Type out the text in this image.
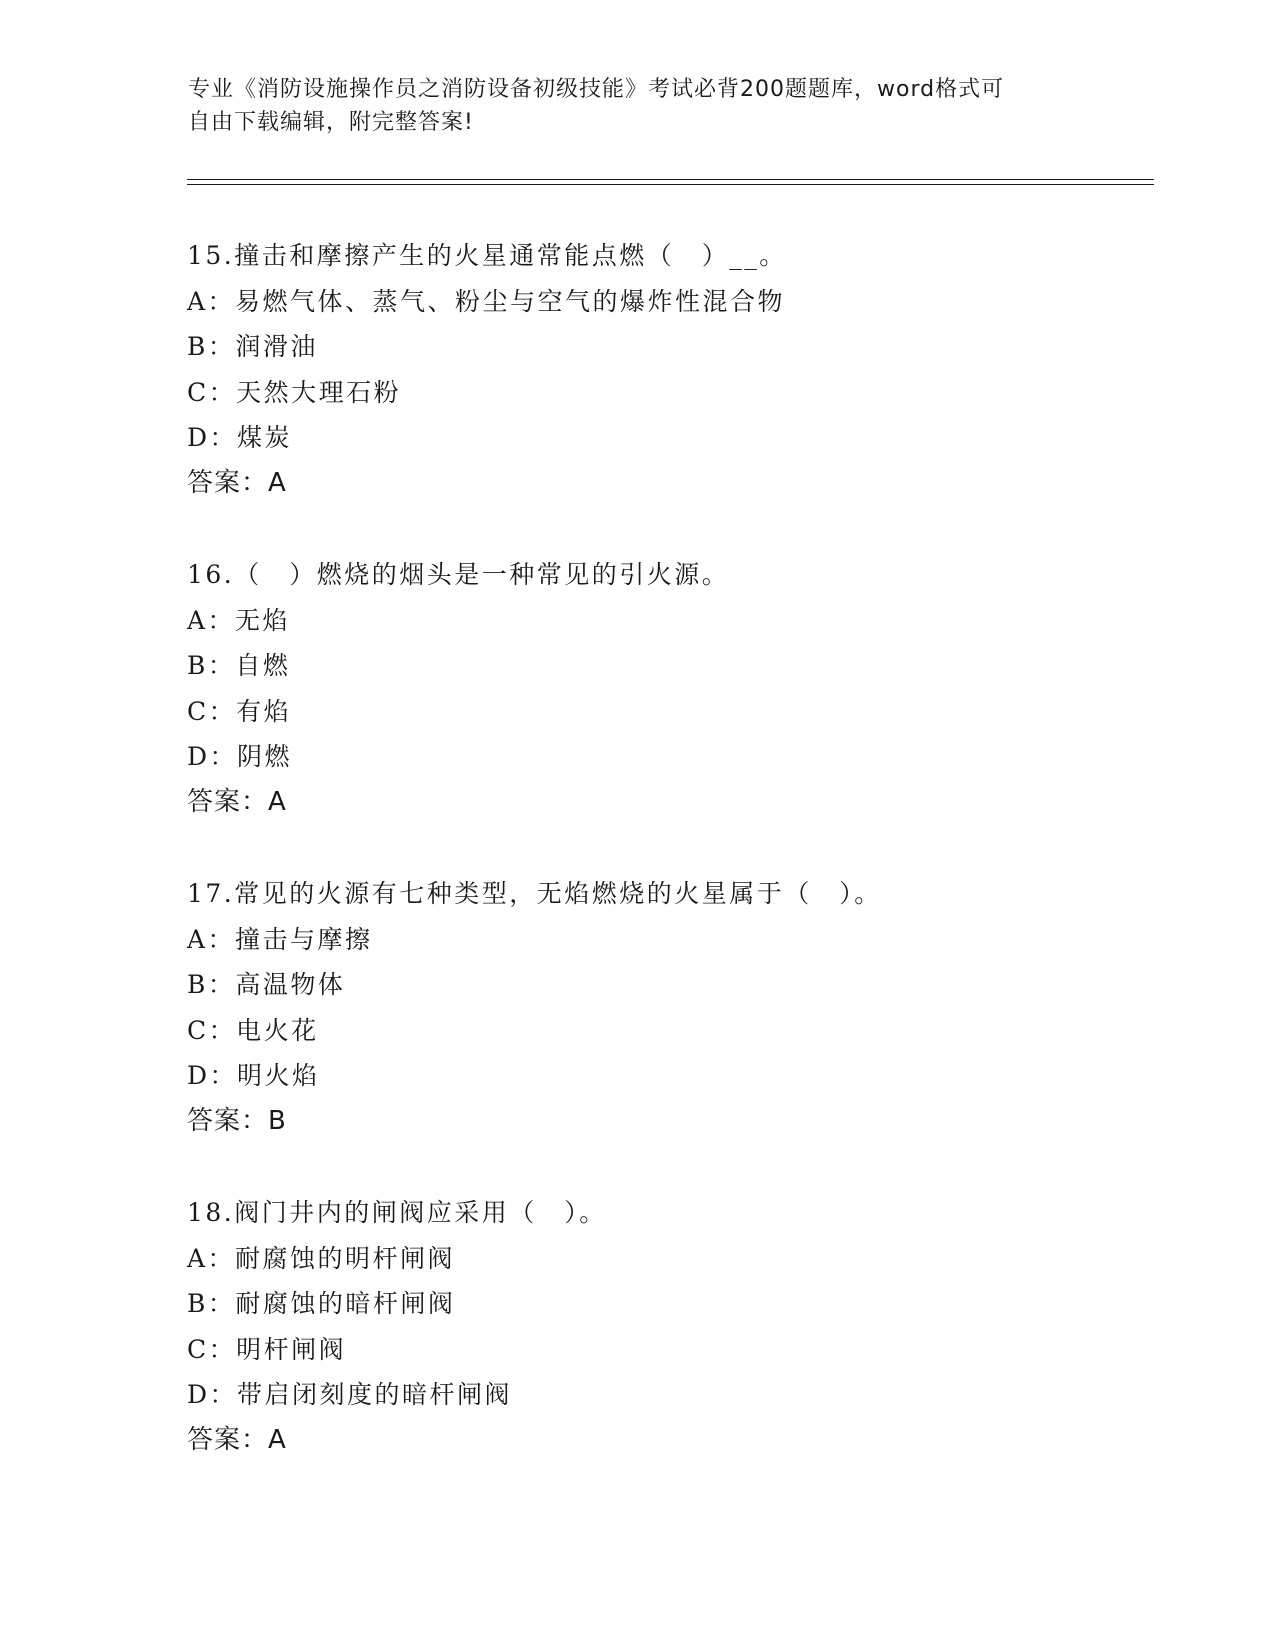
专业《消防设施操作员之消防设备初级技能》考试必背200题题库，word格式可
自由下载编辑，附完整答案!
15.撞击和摩擦产生的火星通常能点燃（　）__。
A：易燃气体、蒸气、粉尘与空气的爆炸性混合物
B：润滑油
C：天然大理石粉
D：煤炭
答案：A
16.（　）燃烧的烟头是一种常见的引火源。
A：无焰
B：自燃
C：有焰
D：阴燃
答案：A
17.常见的火源有七种类型，无焰燃烧的火星属于（　）。
A：撞击与摩擦
B：高温物体
C：电火花
D：明火焰
答案：B
18.阀门井内的闸阀应采用（　）。
A：耐腐蚀的明杆闸阀
B：耐腐蚀的暗杆闸阀
C：明杆闸阀
D：带启闭刻度的暗杆闸阀
答案：A
